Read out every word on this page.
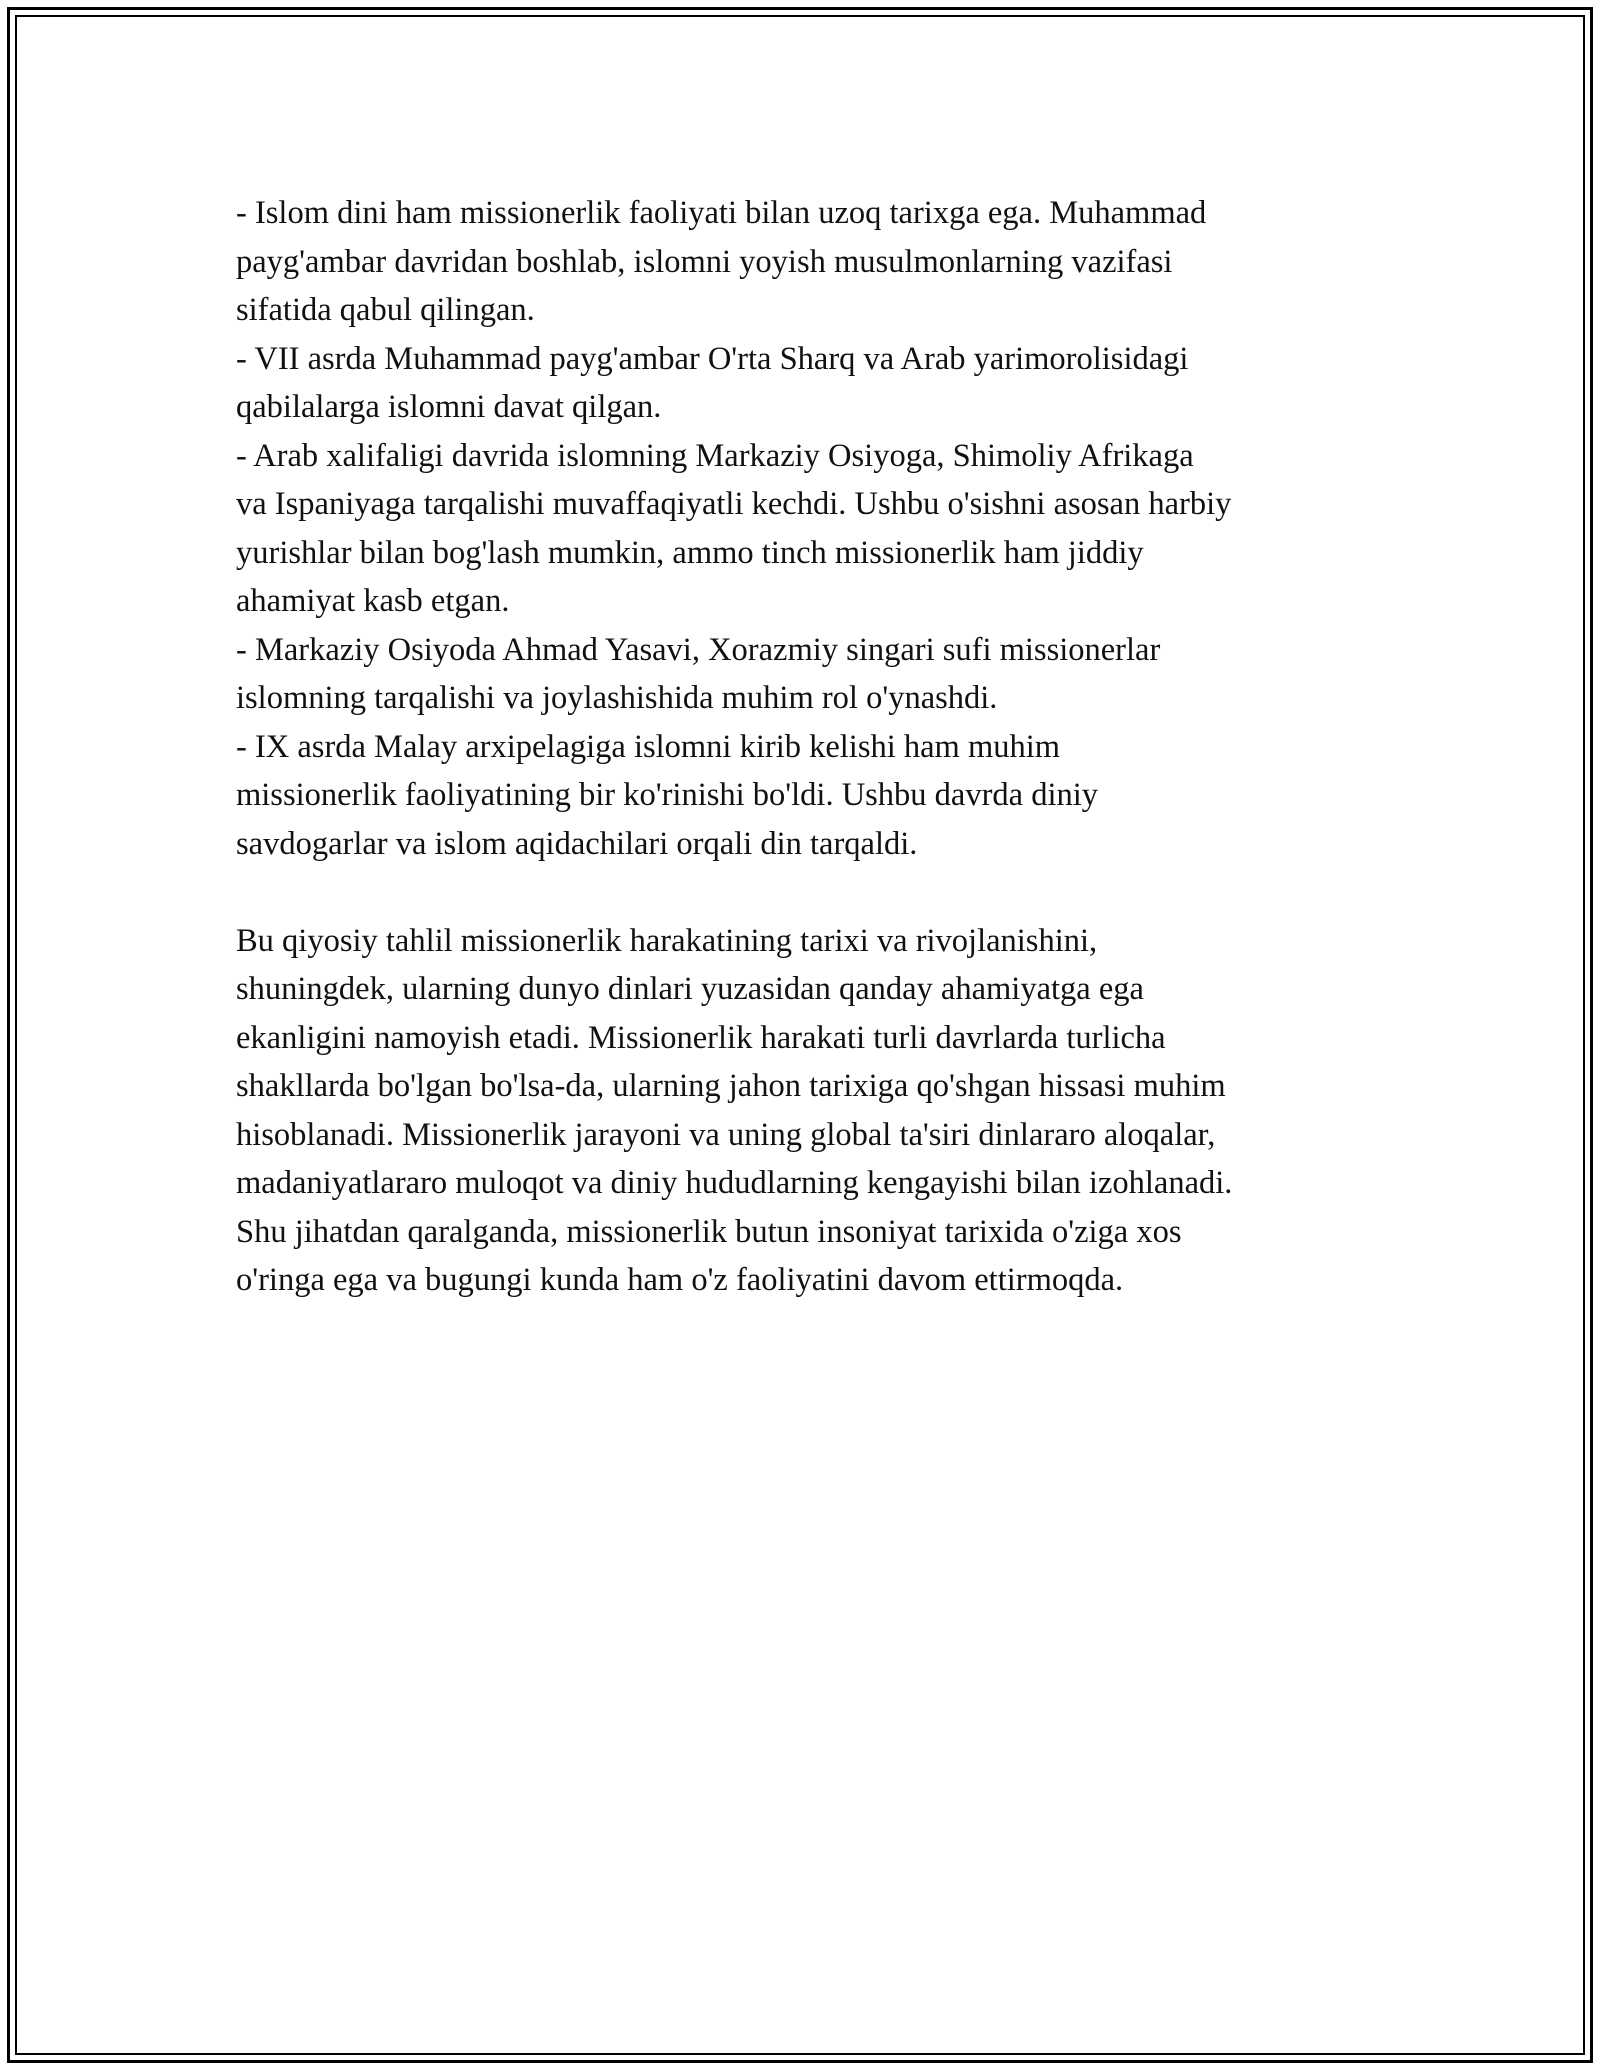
- Islom dini ham missionerlik faoliyati bilan uzoq tarixga ega. Muhammad
payg'ambar davridan boshlab, islomni yoyish musulmonlarning vazifasi
sifatida qabul qilingan.
- VII asrda Muhammad payg'ambar O'rta Sharq va Arab yarimorolisidagi
qabilalarga islomni davat qilgan.
- Arab xalifaligi davrida islomning Markaziy Osiyoga, Shimoliy Afrikaga
va Ispaniyaga tarqalishi muvaffaqiyatli kechdi. Ushbu o'sishni asosan harbiy
yurishlar bilan bog'lash mumkin, ammo tinch missionerlik ham jiddiy
ahamiyat kasb etgan.
- Markaziy Osiyoda Ahmad Yasavi, Xorazmiy singari sufi missionerlar
islomning tarqalishi va joylashishida muhim rol o'ynashdi.
- IX asrda Malay arxipelagiga islomni kirib kelishi ham muhim
missionerlik faoliyatining bir ko'rinishi bo'ldi. Ushbu davrda diniy
savdogarlar va islom aqidachilari orqali din tarqaldi.
Bu qiyosiy tahlil missionerlik harakatining tarixi va rivojlanishini,
shuningdek, ularning dunyo dinlari yuzasidan qanday ahamiyatga ega
ekanligini namoyish etadi. Missionerlik harakati turli davrlarda turlicha
shakllarda bo'lgan bo'lsa-da, ularning jahon tarixiga qo'shgan hissasi muhim
hisoblanadi. Missionerlik jarayoni va uning global ta'siri dinlararo aloqalar,
madaniyatlararo muloqot va diniy hududlarning kengayishi bilan izohlanadi.
Shu jihatdan qaralganda, missionerlik butun insoniyat tarixida o'ziga xos
o'ringa ega va bugungi kunda ham o'z faoliyatini davom ettirmoqda.
